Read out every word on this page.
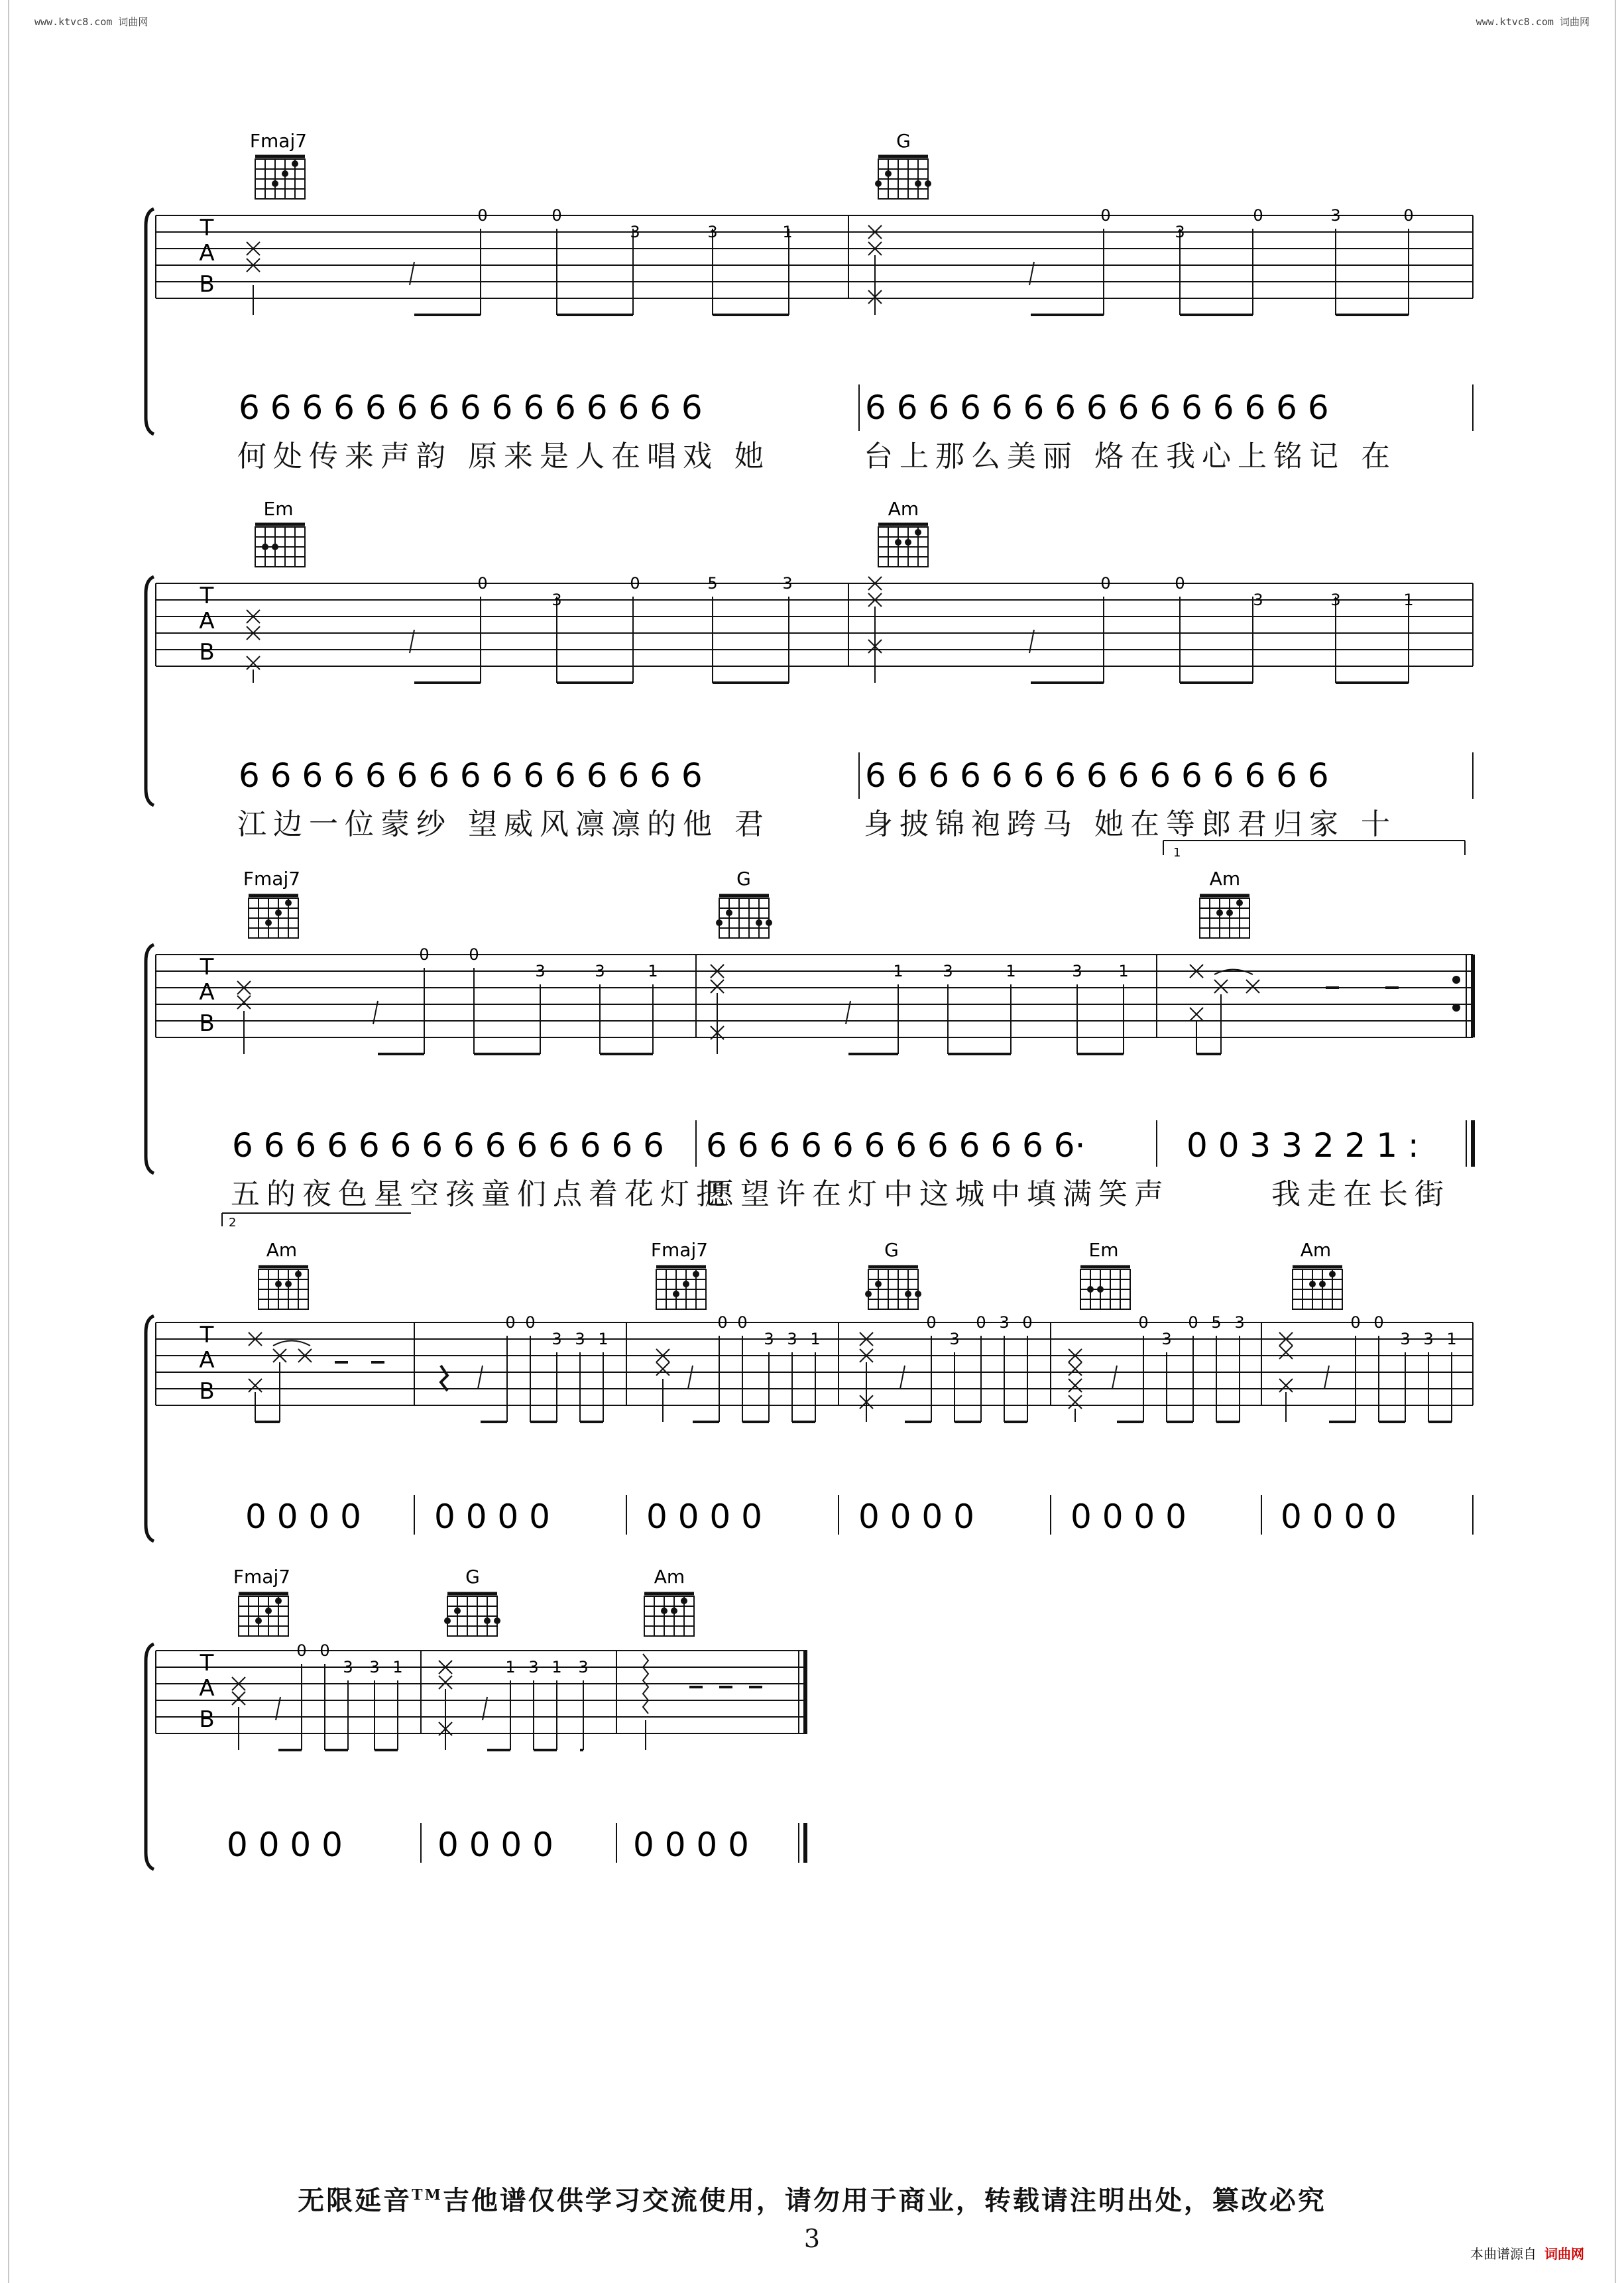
www.ktvc8.com 词曲网	www.ktvc8.com 词曲网
T
A
B
Fmaj7	G
0	0
3	3	1
0
3
0	3	0
6 6 6 6 6 6 6 6 6 6 6 6 6 6 6	6 6 6 6 6 6 6 6 6 6 6 6 6 6 6
T
A
B
Em	Am
0
3
0	5	3	0	0
3	3	1
6 6 6 6 6 6 6 6 6 6 6 6 6 6 6	6 6 6 6 6 6 6 6 6 6 6 6 6 6 6
1
T
A
B
Fmaj7	G	Am
0 0
3	3	1	1 3	1	3 1
6 6 6 6 6 6 6 6 6 6 6 6 6 6 6 6 6 6 6 6 6 6 6 6 6 6·	0 0 3 3 2 2 1 :
2
T
A
B
Am	Fmaj7	G	Em	Am
0 0
3 3 1
0 0
3 3 1
0
3
0 3 0	0
3
0 5 3	0 0
3 3 1
0 0 0 0 0 0 0 0	0 0 0 0	0 0 0 0	0 0 0 0	0 0 0 0
T
A
B
Fmaj7	G	Am
0 0
3 3 1	1 3 1 3
0 0 0 0	0 0 0 0 0 0 0 0
何处传来声韵 原来是人在唱戏 她	台上那么美丽 烙在我心上铭记 在
江边一位蒙纱 望威风凛凛的他 君	身披锦袍跨马 她在等郎君归家 十
五的夜色星空孩童们点着花灯把
愿望许在灯中这城中填满笑声	我走在长街
无限延音™吉他谱仅供学习交流使用，请勿用于商业，转载请注明出处，篡改必究
3
本曲谱源自 词曲网
